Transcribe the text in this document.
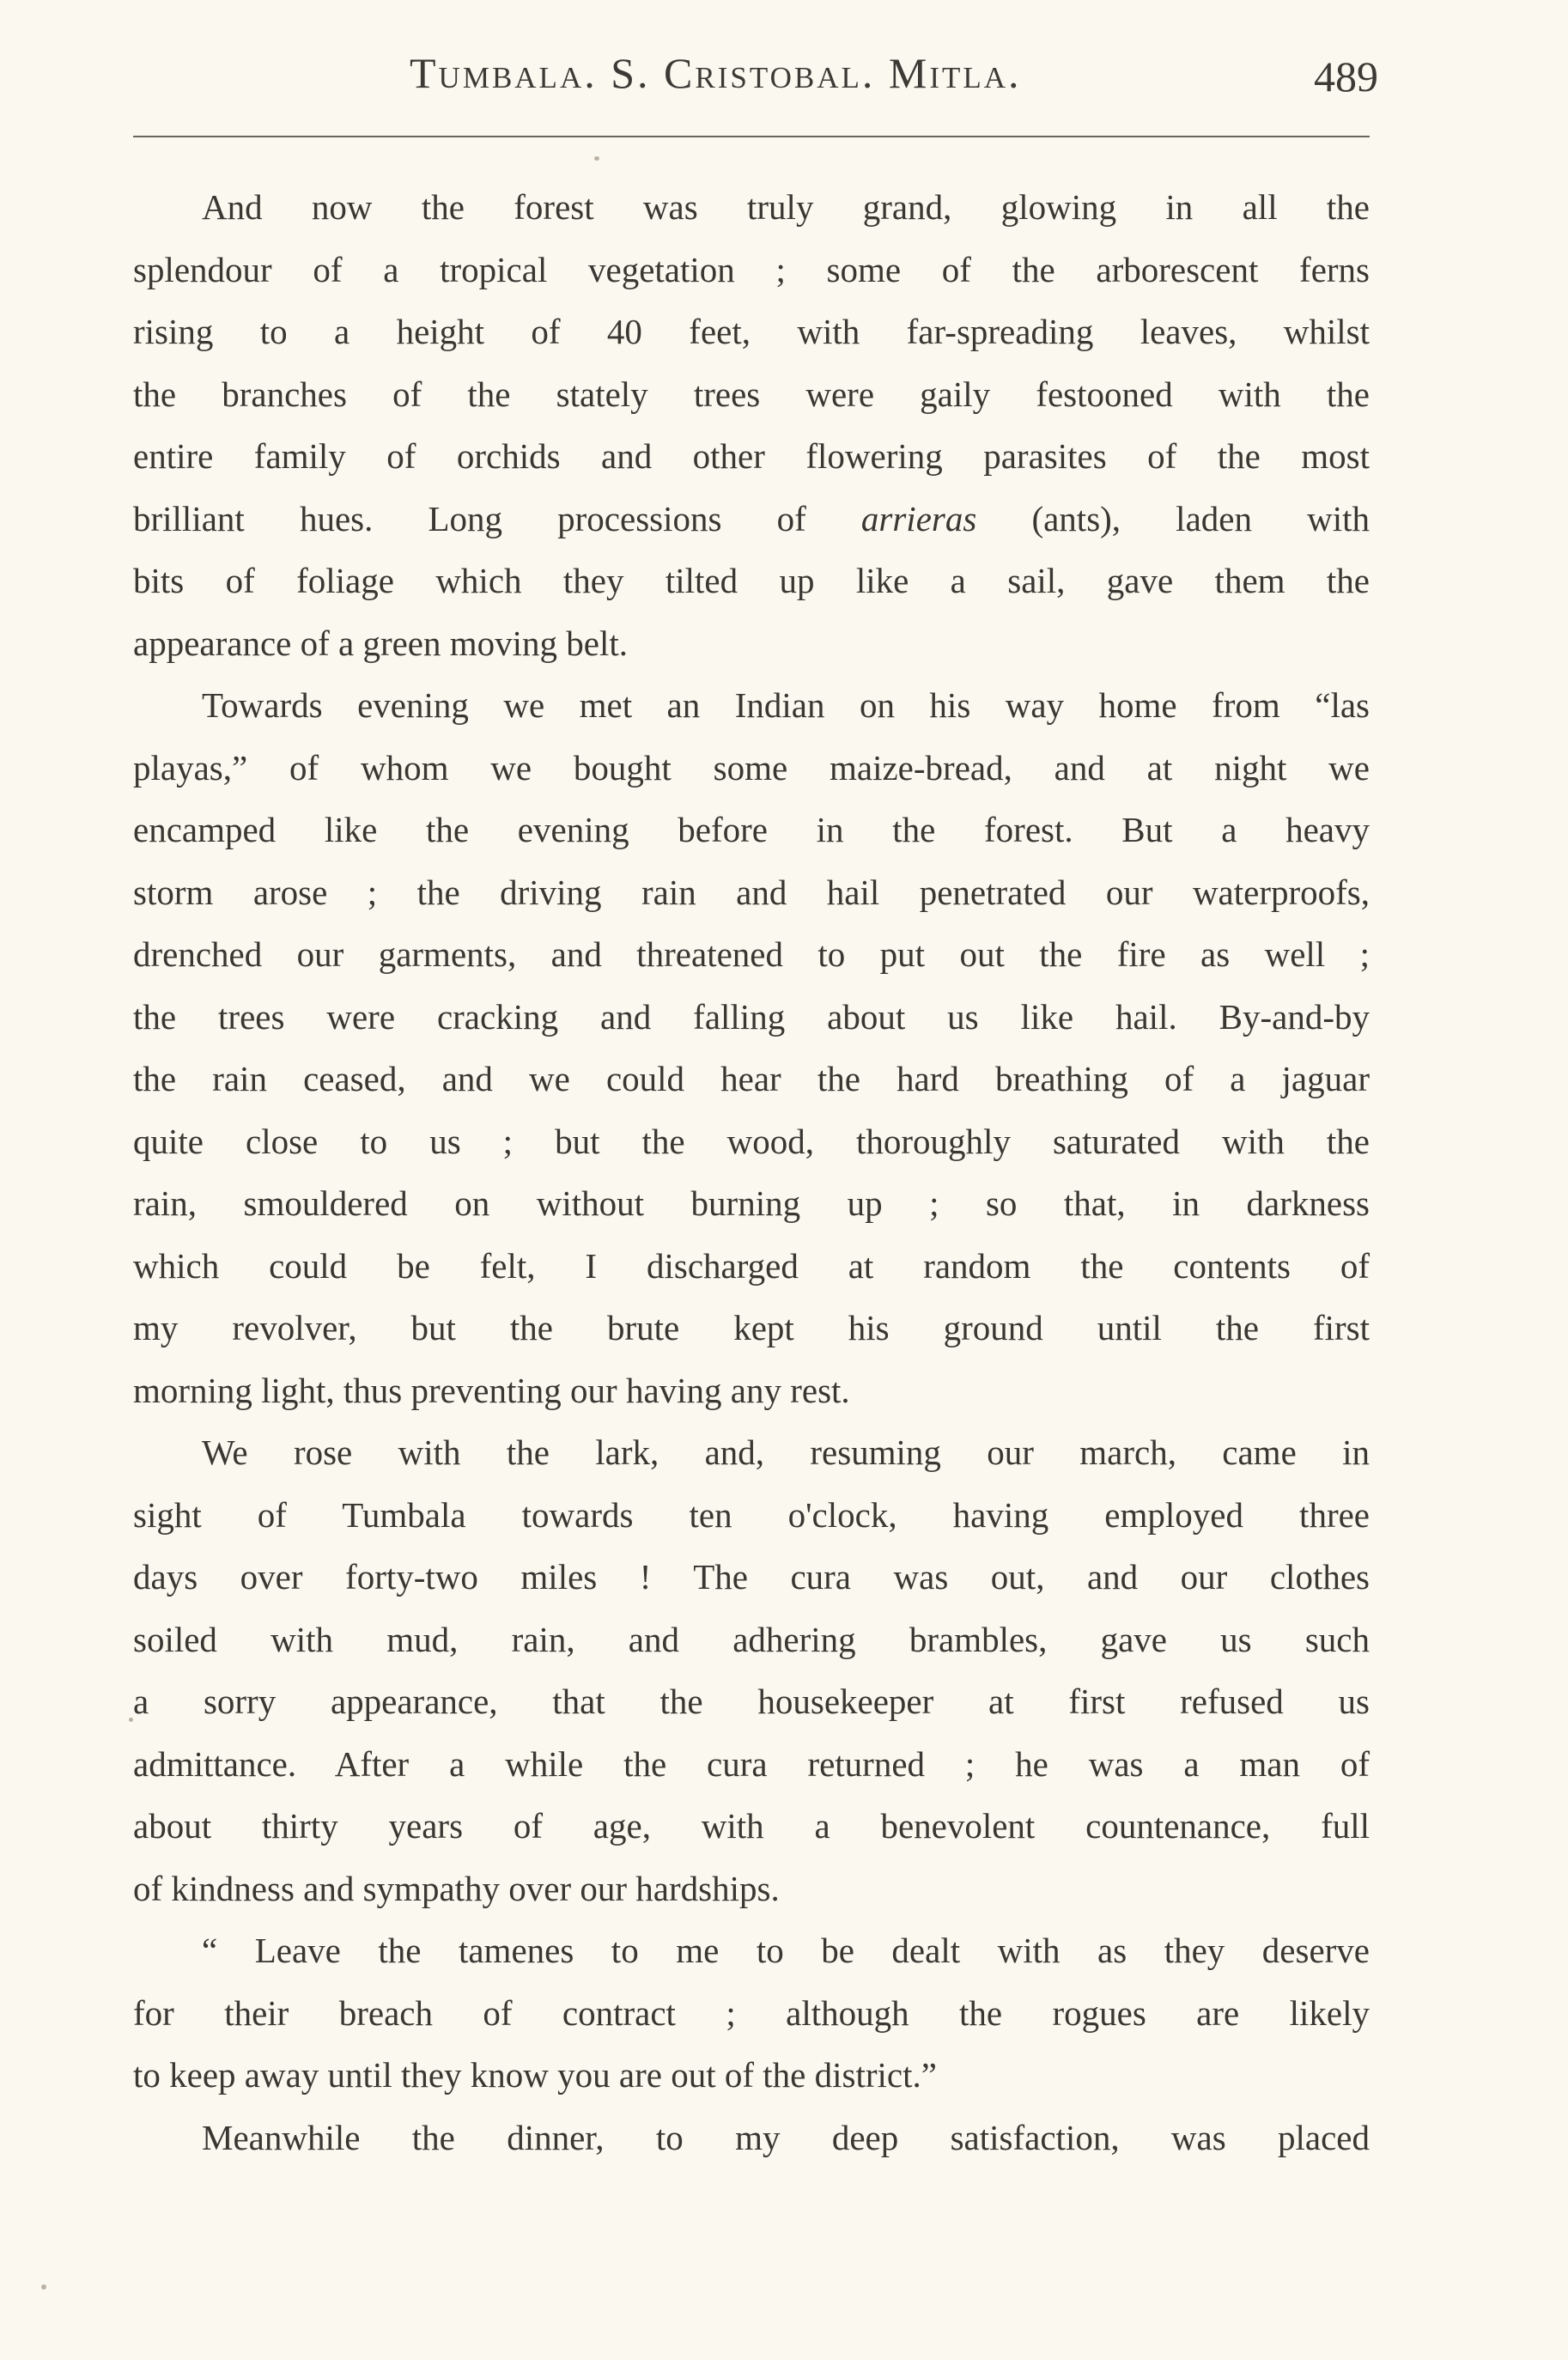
Tumbala. S. Cristobal. Mitla.	489
And now the forest was truly grand, glowing in all the
splendour of a tropical vegetation ; some of the arborescent ferns
rising to a height of 40 feet, with far-spreading leaves, whilst
the branches of the stately trees were gaily festooned with the
entire family of orchids and other flowering parasites of the most
brilliant hues. Long processions of arrieras (ants), laden with
bits of foliage which they tilted up like a sail, gave them the
appearance of a green moving belt.
Towards evening we met an Indian on his way home from “las
playas,” of whom we bought some maize-bread, and at night we
encamped like the evening before in the forest. But a heavy
storm arose ; the driving rain and hail penetrated our waterproofs,
drenched our garments, and threatened to put out the fire as well ;
the trees were cracking and falling about us like hail. By-and-by
the rain ceased, and we could hear the hard breathing of a jaguar
quite close to us ; but the wood, thoroughly saturated with the
rain, smouldered on without burning up ; so that, in darkness
which could be felt, I discharged at random the contents of
my revolver, but the brute kept his ground until the first
morning light, thus preventing our having any rest.
We rose with the lark, and, resuming our march, came in
sight of Tumbala towards ten o'clock, having employed three
days over forty-two miles ! The cura was out, and our clothes
soiled with mud, rain, and adhering brambles, gave us such
a sorry appearance, that the housekeeper at first refused us
admittance. After a while the cura returned ; he was a man of
about thirty years of age, with a benevolent countenance, full
of kindness and sympathy over our hardships.
“ Leave the tamenes to me to be dealt with as they deserve
for their breach of contract ; although the rogues are likely
to keep away until they know you are out of the district.”
Meanwhile the dinner, to my deep satisfaction, was placed
